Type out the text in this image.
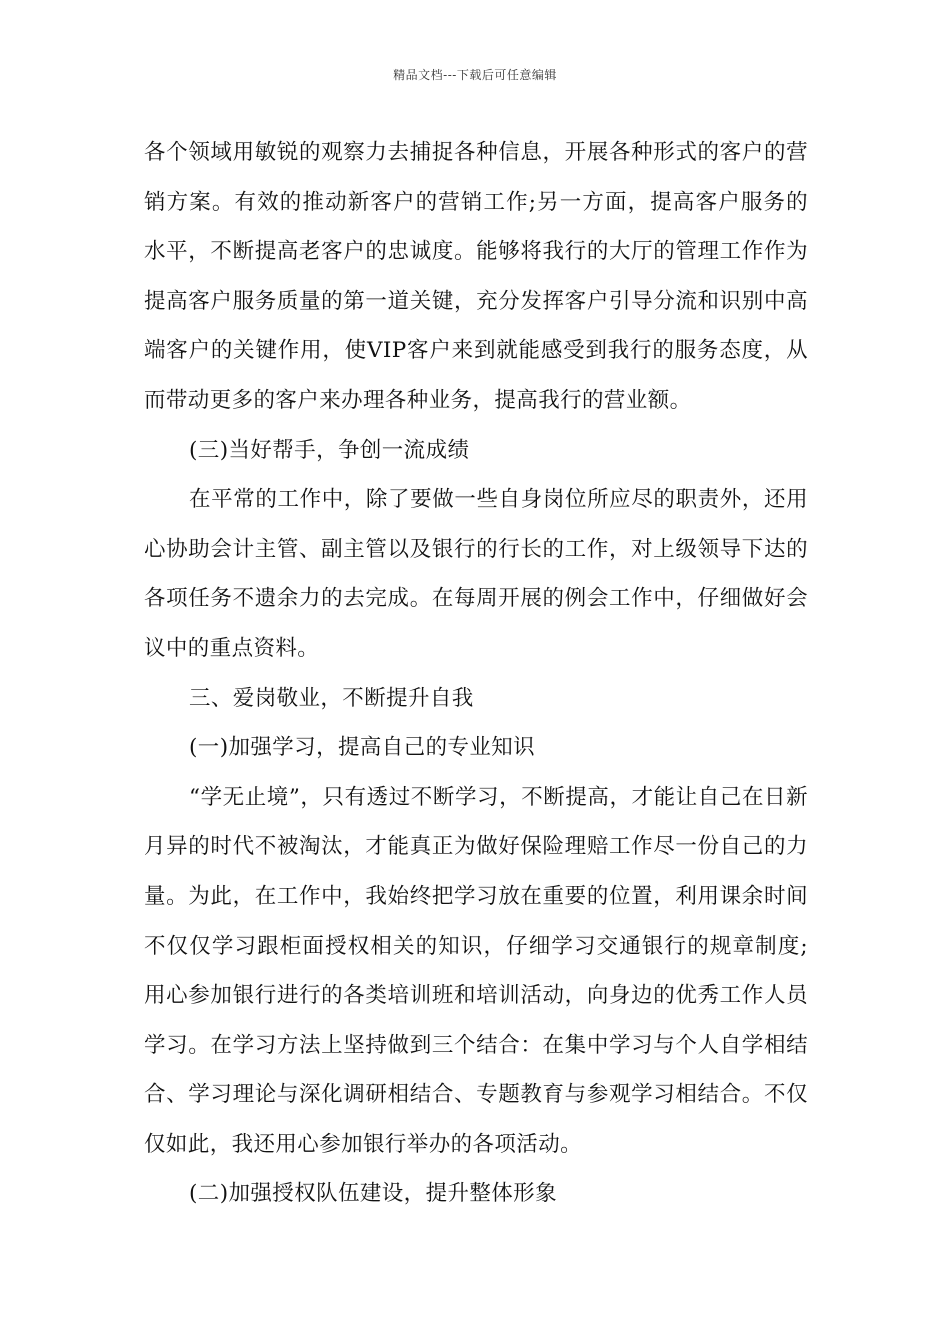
精品文档---下载后可任意编辑

各个领域用敏锐的观察力去捕捉各种信息，开展各种形式的客户的营销方案。有效的推动新客户的营销工作;另一方面，提高客户服务的水平，不断提高老客户的忠诚度。能够将我行的大厅的管理工作作为提高客户服务质量的第一道关键，充分发挥客户引导分流和识别中高端客户的关键作用，使VIP客户来到就能感受到我行的服务态度，从而带动更多的客户来办理各种业务，提高我行的营业额。

(三)当好帮手，争创一流成绩

在平常的工作中，除了要做一些自身岗位所应尽的职责外，还用心协助会计主管、副主管以及银行的行长的工作，对上级领导下达的各项任务不遗余力的去完成。在每周开展的例会工作中，仔细做好会议中的重点资料。

三、爱岗敬业，不断提升自我

(一)加强学习，提高自己的专业知识

“学无止境”，只有透过不断学习，不断提高，才能让自己在日新月异的时代不被淘汰，才能真正为做好保险理赔工作尽一份自己的力量。为此，在工作中，我始终把学习放在重要的位置，利用课余时间不仅仅学习跟柜面授权相关的知识，仔细学习交通银行的规章制度;用心参加银行进行的各类培训班和培训活动，向身边的优秀工作人员学习。在学习方法上坚持做到三个结合：在集中学习与个人自学相结合、学习理论与深化调研相结合、专题教育与参观学习相结合。不仅仅如此，我还用心参加银行举办的各项活动。

(二)加强授权队伍建设，提升整体形象
